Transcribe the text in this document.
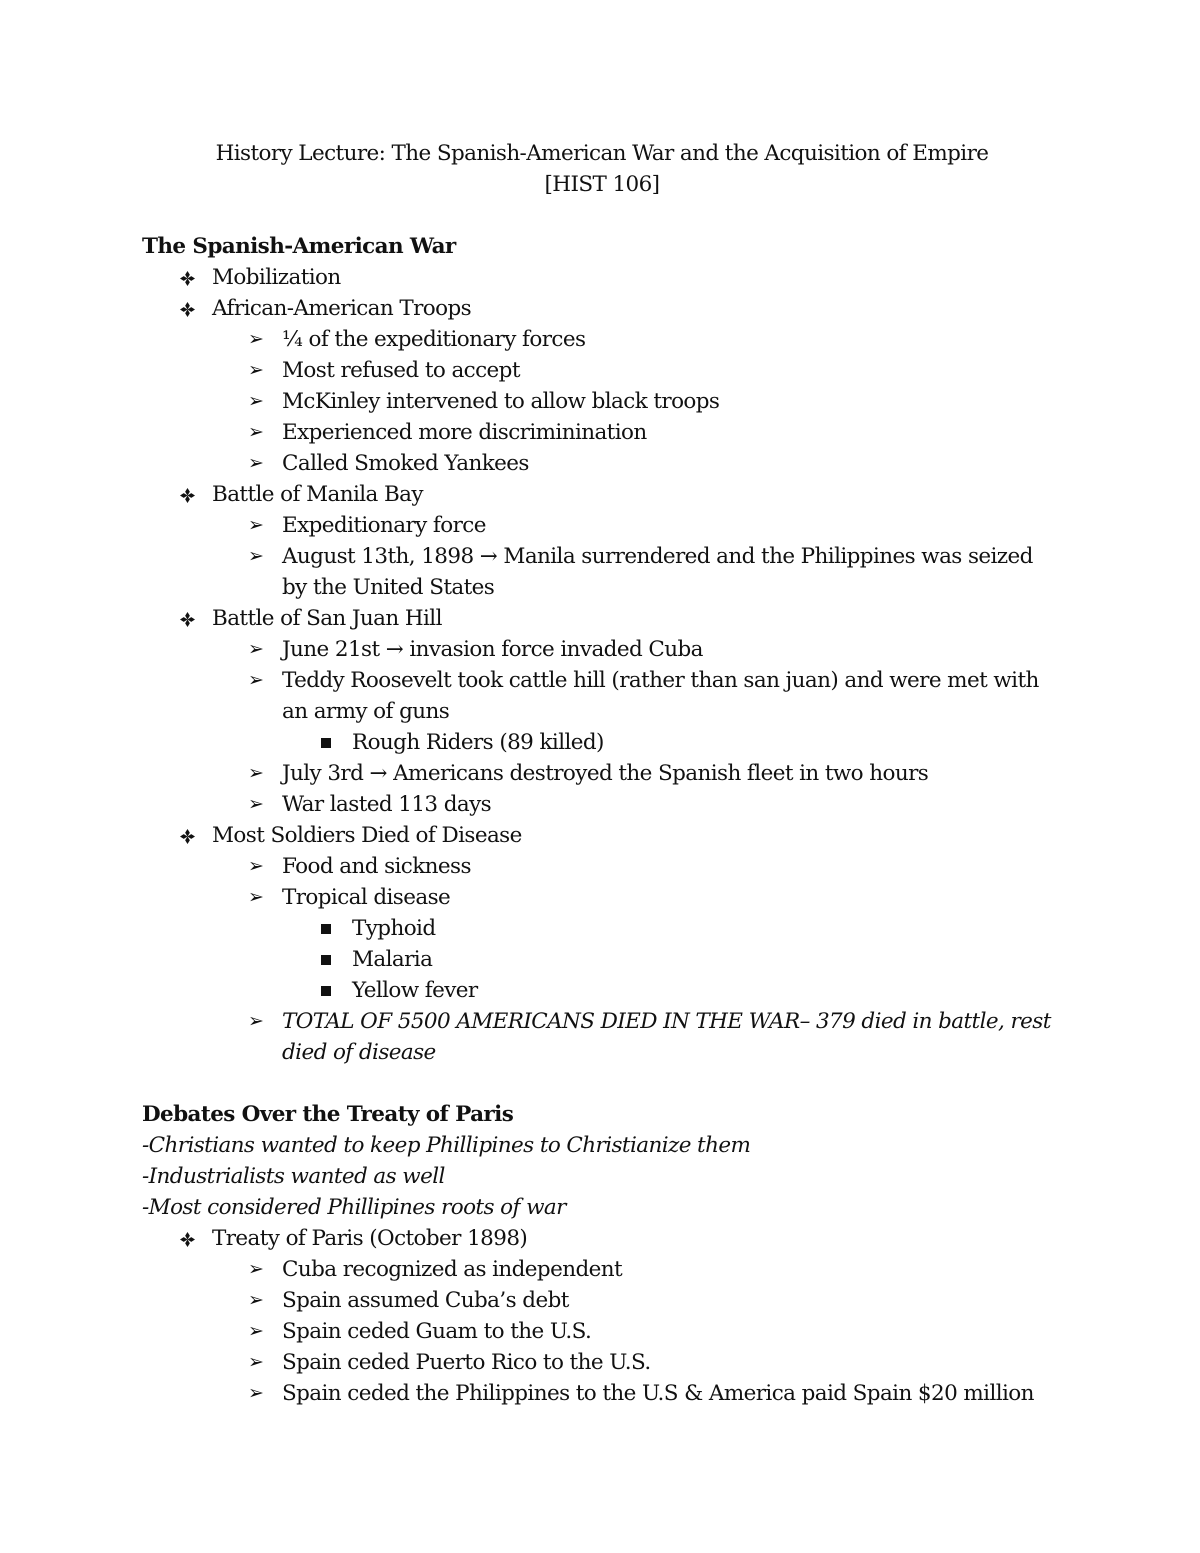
History Lecture: The Spanish-American War and the Acquisition of Empire
[HIST 106]
The Spanish-American War
Mobilization
African-American Troops
➢ ¼ of the expeditionary forces
➢ Most refused to accept
➢ McKinley intervened to allow black troops
➢ Experienced more discriminination
➢ Called Smoked Yankees
Battle of Manila Bay
➢ Expeditionary force
➢ August 13th, 1898 → Manila surrendered and the Philippines was seized by the United States
Battle of San Juan Hill
➢ June 21st → invasion force invaded Cuba
➢ Teddy Roosevelt took cattle hill (rather than san juan) and were met with an army of guns
Rough Riders (89 killed)
➢ July 3rd → Americans destroyed the Spanish fleet in two hours
➢ War lasted 113 days
Most Soldiers Died of Disease
➢ Food and sickness
➢ Tropical disease
Typhoid
Malaria
Yellow fever
➢ TOTAL OF 5500 AMERICANS DIED IN THE WAR– 379 died in battle, rest died of disease
Debates Over the Treaty of Paris
-Christians wanted to keep Phillipines to Christianize them
-Industrialists wanted as well
-Most considered Phillipines roots of war
Treaty of Paris (October 1898)
➢ Cuba recognized as independent
➢ Spain assumed Cuba’s debt
➢ Spain ceded Guam to the U.S.
➢ Spain ceded Puerto Rico to the U.S.
➢ Spain ceded the Philippines to the U.S & America paid Spain $20 million
